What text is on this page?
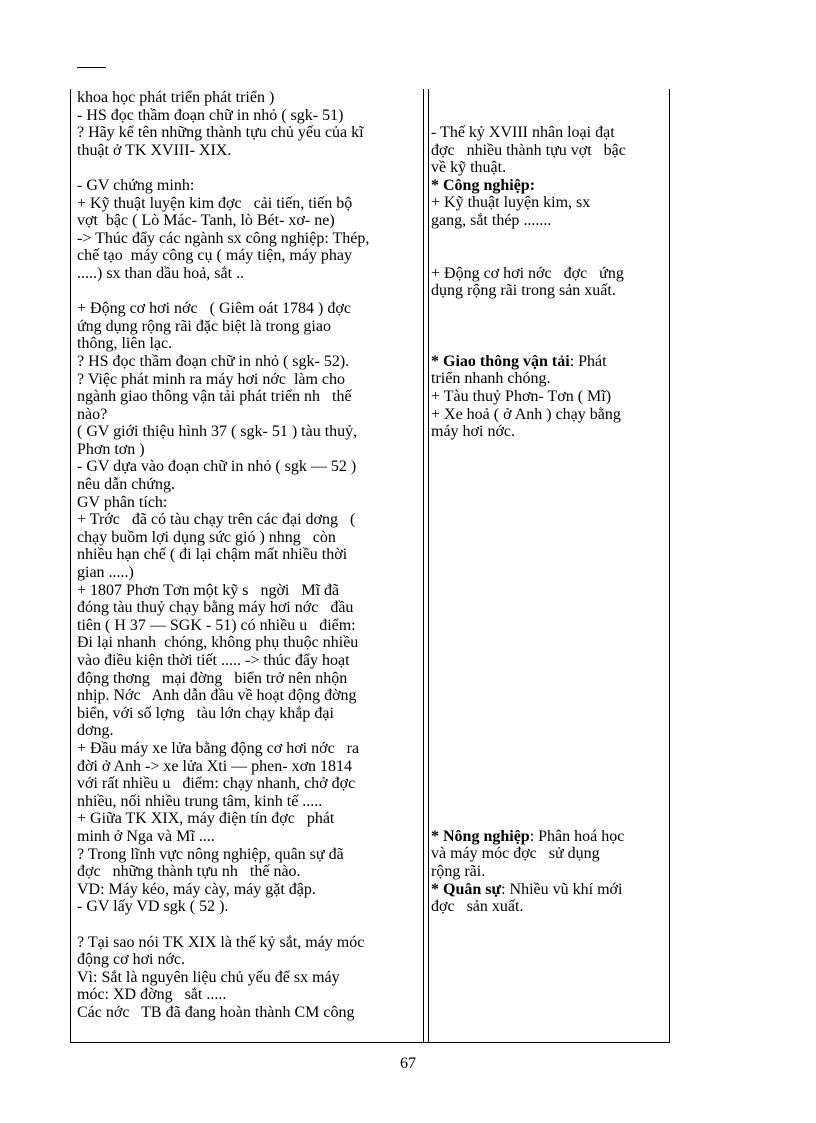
khoa học phát triển phát triển )
- HS đọc thầm đoạn chữ in nhỏ ( sgk- 51)
? Hãy kể tên những thành tựu chủ yếu của kĩ
thuật ở TK XVIII- XIX.
- GV chứng minh:
+ Kỹ thuật luyện kim đợc   cải tiến, tiến bộ
vợt  bậc ( Lò Mác- Tanh, lò Bét- xơ- ne)
-> Thúc đẩy các ngành sx công nghiệp: Thép,
chế tạo  máy công cụ ( máy tiện, máy phay
.....) sx than dầu hoả, sắt ..
+ Động cơ hơi nớc   ( Giêm oát 1784 ) đợc
ứng dụng rộng rãi đặc biệt là trong giao
thông, liên lạc.
? HS đọc thầm đoạn chữ in nhỏ ( sgk- 52).
? Việc phát minh ra máy hơi nớc  làm cho
ngành giao thông vận tải phát triển nh   thế
nào?
( GV giới thiệu hình 37 ( sgk- 51 ) tàu thuỷ,
Phơn tơn )
- GV dựa vào đoạn chữ in nhỏ ( sgk — 52 )
nêu dẫn chứng.
GV phân tích:
+ Trớc   đã có tàu chạy trên các đại dơng   (
chạy buồm lợi dụng sức gió ) nhng   còn
nhiều hạn chế ( đi lại chậm mất nhiều thời
gian .....)
+ 1807 Phơn Tơn một kỹ s   ngời   Mĩ đã
đóng tàu thuỷ chạy bằng máy hơi nớc   đầu
tiên ( H 37 — SGK - 51) có nhiều u   điểm:
Đi lại nhanh  chóng, không phụ thuộc nhiều
vào điều kiện thời tiết ..... -> thúc đẩy hoạt
động thơng   mại đờng   biển trở nên nhộn
nhịp. Nớc   Anh dẫn đầu về hoạt động đờng
biển, với số lợng   tàu lớn chạy khắp đại
dơng.
+ Đầu máy xe lửa bằng động cơ hơi nớc   ra
đời ở Anh -> xe lửa Xti — phen- xơn 1814
với rất nhiều u   điểm: chạy nhanh, chở đợc
nhiều, nối nhiều trung tâm, kinh tế .....
+ Giữa TK XIX, máy điện tín đợc   phát
minh ở Nga và Mĩ ....
? Trong lĩnh vực nông nghiệp, quân sự đã
đợc   những thành tựu nh   thế nào.
VD: Máy kéo, máy cày, máy gặt đập.
- GV lấy VD sgk ( 52 ).
? Tại sao nói TK XIX là thế kỷ sắt, máy móc
động cơ hơi nớc.
Vì: Sắt là nguyên liệu chủ yếu để sx máy
móc: XD đờng   sắt .....
Các nớc   TB đã đang hoàn thành CM công
- Thế kỷ XVIII nhân loại đạt
đợc   nhiều thành tựu vợt   bậc
về kỹ thuật.
* Công nghiệp:
+ Kỹ thuật luyện kim, sx
gang, sắt thép .......
+ Động cơ hơi nớc   đợc   ứng
dụng rộng rãi trong sản xuất.
* Giao thông vận tải: Phát
triển nhanh chóng.
+ Tàu thuỷ Phơn- Tơn ( Mĩ)
+ Xe hoả ( ở Anh ) chạy bằng
máy hơi nớc.
* Nông nghiệp: Phân hoá học
và máy móc đợc   sử dụng
rộng rãi.
* Quân sự: Nhiều vũ khí mới
đợc   sản xuất.
67
